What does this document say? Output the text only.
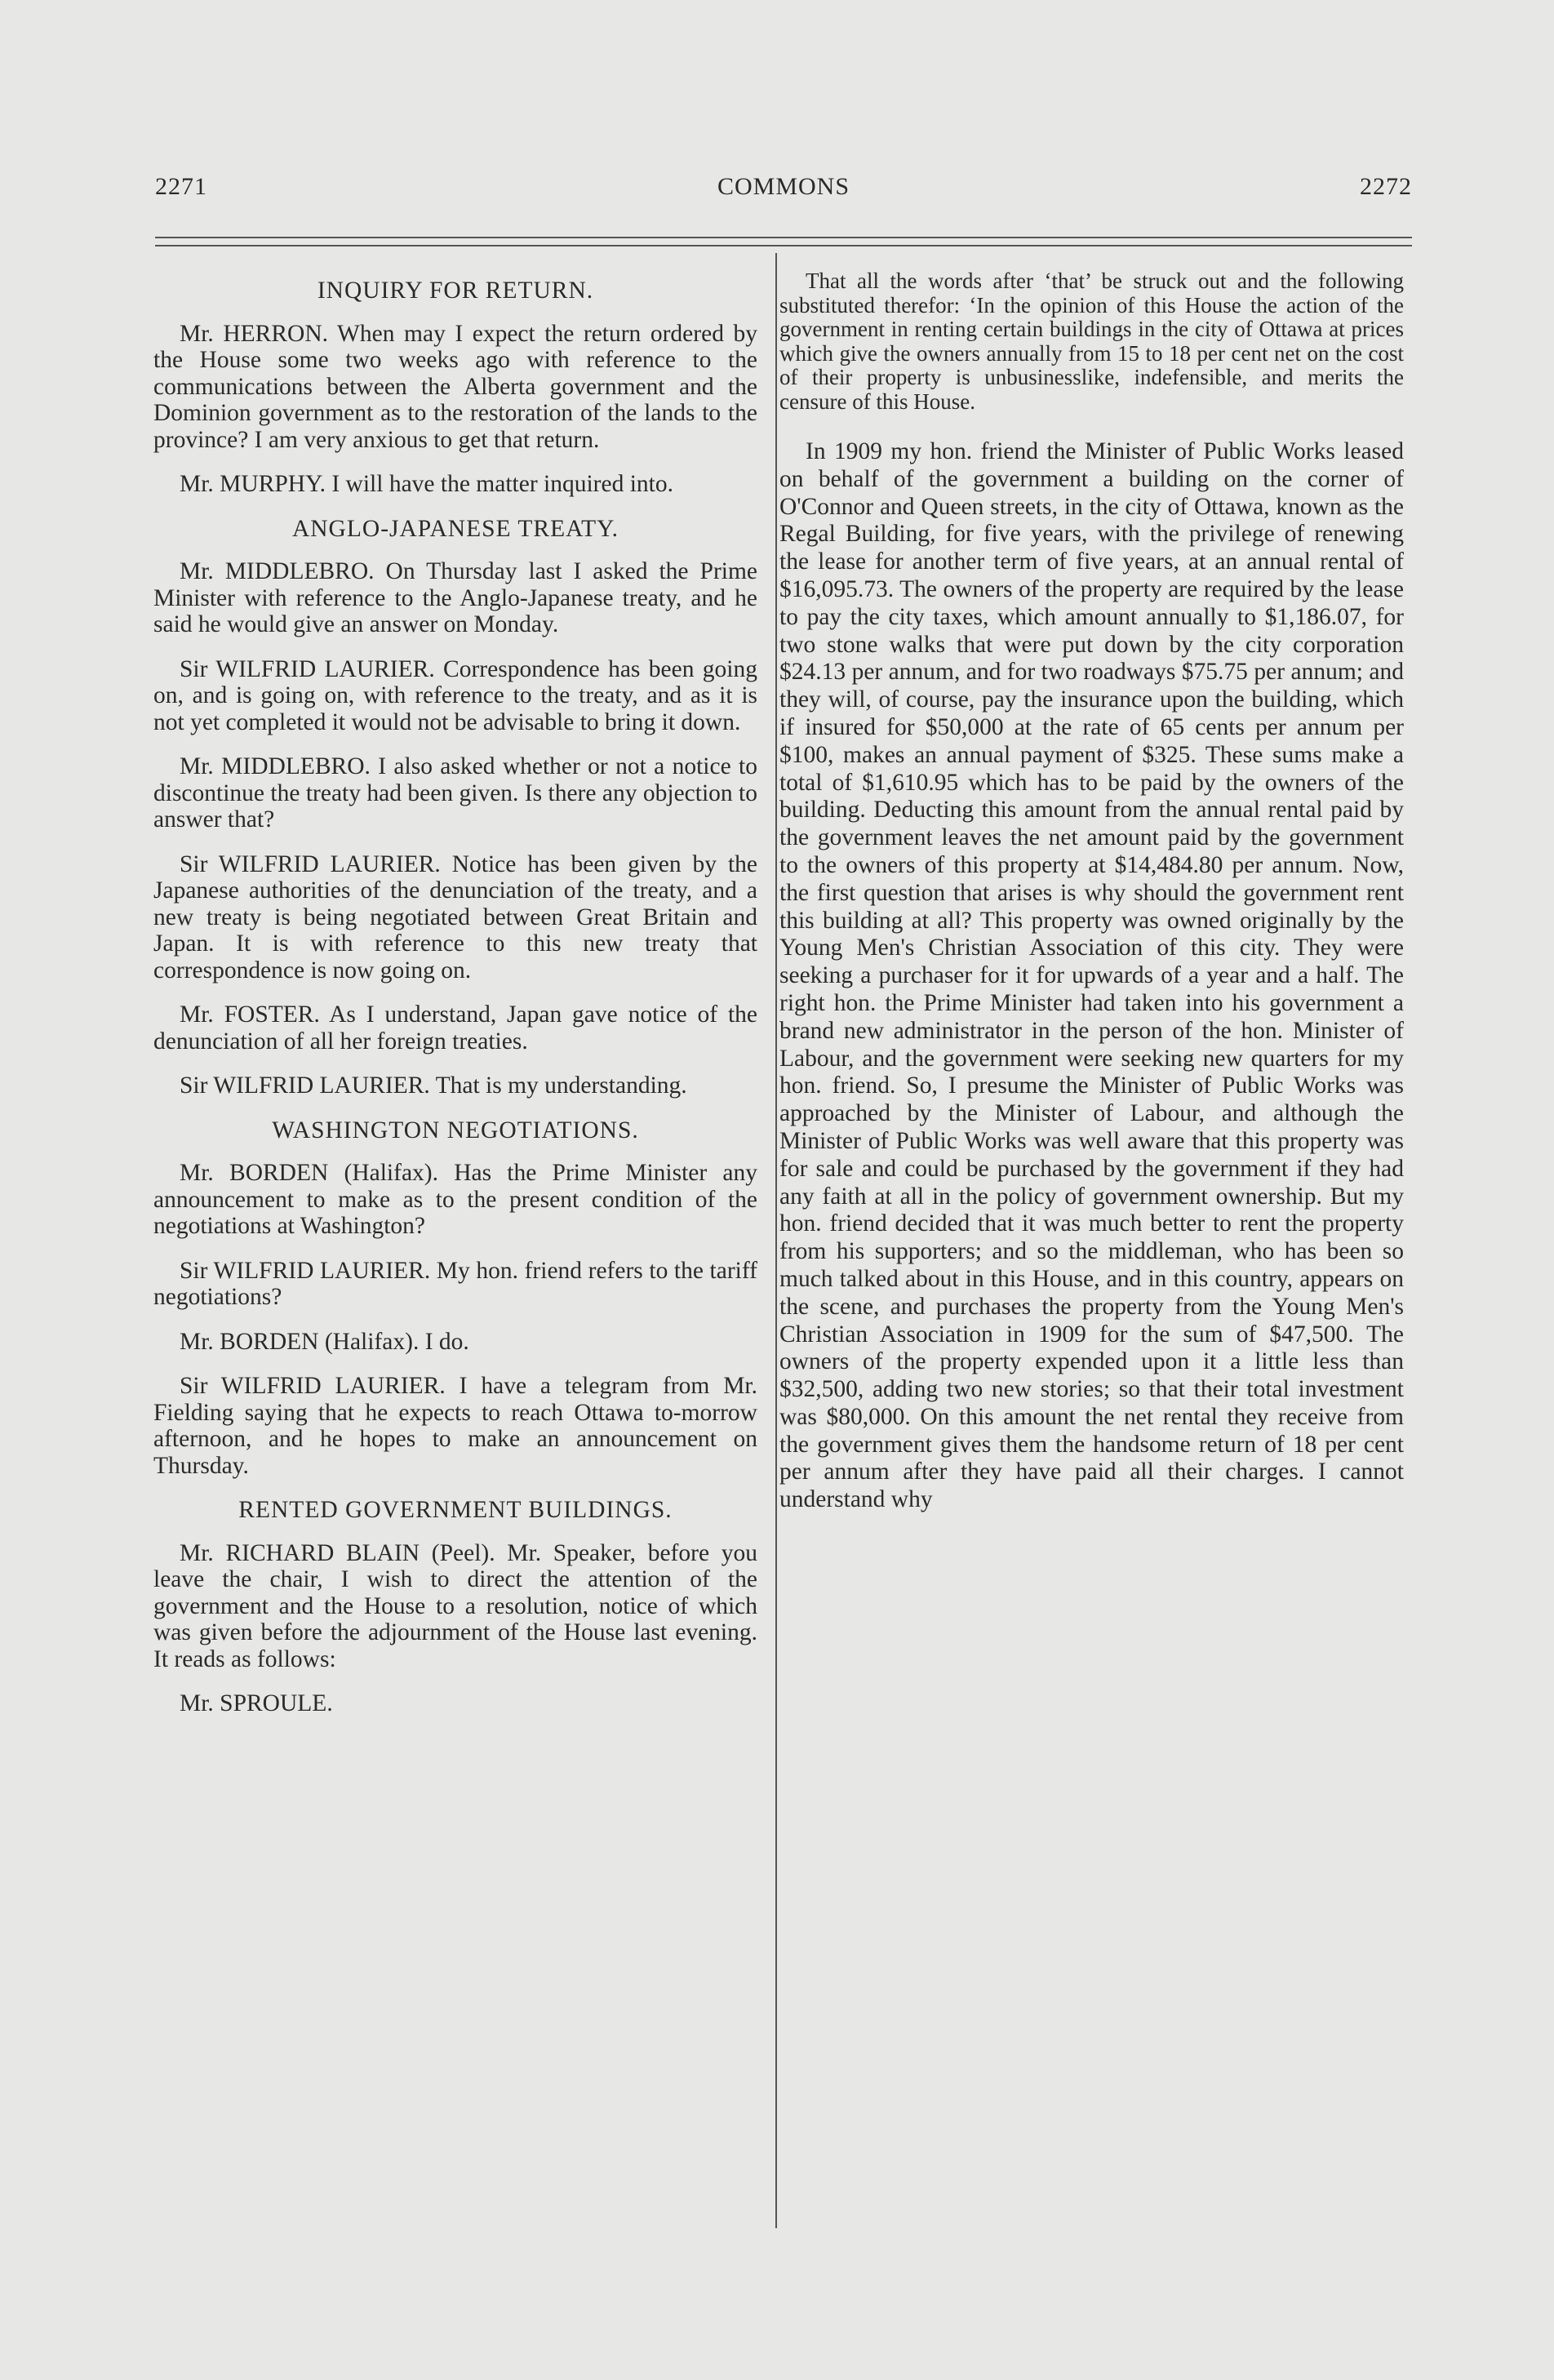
2271	COMMONS	2272
INQUIRY FOR RETURN.

Mr. HERRON. When may I expect the return ordered by the House some two weeks ago with reference to the communications between the Alberta government and the Dominion government as to the restoration of the lands to the province? I am very anxious to get that return.

Mr. MURPHY. I will have the matter inquired into.

ANGLO-JAPANESE TREATY.

Mr. MIDDLEBRO. On Thursday last I asked the Prime Minister with reference to the Anglo-Japanese treaty, and he said he would give an answer on Monday.

Sir WILFRID LAURIER. Correspondence has been going on, and is going on, with reference to the treaty, and as it is not yet completed it would not be advisable to bring it down.

Mr. MIDDLEBRO. I also asked whether or not a notice to discontinue the treaty had been given. Is there any objection to answer that?

Sir WILFRID LAURIER. Notice has been given by the Japanese authorities of the denunciation of the treaty, and a new treaty is being negotiated between Great Britain and Japan. It is with reference to this new treaty that correspondence is now going on.

Mr. FOSTER. As I understand, Japan gave notice of the denunciation of all her foreign treaties.

Sir WILFRID LAURIER. That is my understanding.

WASHINGTON NEGOTIATIONS.

Mr. BORDEN (Halifax). Has the Prime Minister any announcement to make as to the present condition of the negotiations at Washington?

Sir WILFRID LAURIER. My hon. friend refers to the tariff negotiations?

Mr. BORDEN (Halifax). I do.

Sir WILFRID LAURIER. I have a telegram from Mr. Fielding saying that he expects to reach Ottawa to-morrow afternoon, and he hopes to make an announcement on Thursday.

RENTED GOVERNMENT BUILDINGS.

Mr. RICHARD BLAIN (Peel). Mr. Speaker, before you leave the chair, I wish to direct the attention of the government and the House to a resolution, notice of which was given before the adjournment of the House last evening. It reads as follows:

Mr. SPROULE.

That all the words after ‘that’ be struck out and the following substituted therefor: ‘In the opinion of this House the action of the government in renting certain buildings in the city of Ottawa at prices which give the owners annually from 15 to 18 per cent net on the cost of their property is unbusinesslike, indefensible, and merits the censure of this House.

In 1909 my hon. friend the Minister of Public Works leased on behalf of the government a building on the corner of O'Connor and Queen streets, in the city of Ottawa, known as the Regal Building, for five years, with the privilege of renewing the lease for another term of five years, at an annual rental of $16,095.73. The owners of the property are required by the lease to pay the city taxes, which amount annually to $1,186.07, for two stone walks that were put down by the city corporation $24.13 per annum, and for two roadways $75.75 per annum; and they will, of course, pay the insurance upon the building, which if insured for $50,000 at the rate of 65 cents per annum per $100, makes an annual payment of $325. These sums make a total of $1,610.95 which has to be paid by the owners of the building. Deducting this amount from the annual rental paid by the government leaves the net amount paid by the government to the owners of this property at $14,484.80 per annum. Now, the first question that arises is why should the government rent this building at all? This property was owned originally by the Young Men's Christian Association of this city. They were seeking a purchaser for it for upwards of a year and a half. The right hon. the Prime Minister had taken into his government a brand new administrator in the person of the hon. Minister of Labour, and the government were seeking new quarters for my hon. friend. So, I presume the Minister of Public Works was approached by the Minister of Labour, and although the Minister of Public Works was well aware that this property was for sale and could be purchased by the government if they had any faith at all in the policy of government ownership. But my hon. friend decided that it was much better to rent the property from his supporters; and so the middleman, who has been so much talked about in this House, and in this country, appears on the scene, and purchases the property from the Young Men's Christian Association in 1909 for the sum of $47,500. The owners of the property expended upon it a little less than $32,500, adding two new stories; so that their total investment was $80,000. On this amount the net rental they receive from the government gives them the handsome return of 18 per cent per annum after they have paid all their charges. I cannot understand why
